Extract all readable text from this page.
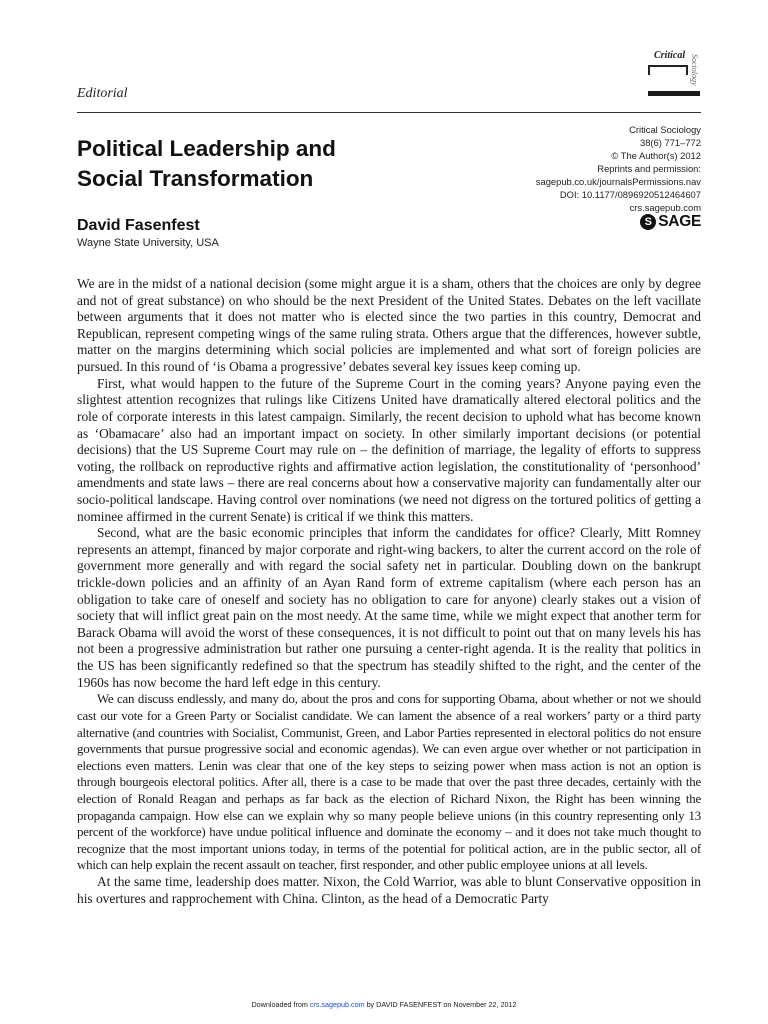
Critical Sociology
Editorial
Political Leadership and Social Transformation
Critical Sociology
38(6) 771–772
© The Author(s) 2012
Reprints and permission:
sagepub.co.uk/journalsPermissions.nav
DOI: 10.1177/0896920512464607
crs.sagepub.com
S SAGE
David Fasenfest
Wayne State University, USA

We are in the midst of a national decision (some might argue it is a sham, others that the choices are only by degree and not of great substance) on who should be the next President of the United States. Debates on the left vacillate between arguments that it does not matter who is elected since the two parties in this country, Democrat and Republican, represent competing wings of the same ruling strata. Others argue that the differences, however subtle, matter on the margins determining which social policies are implemented and what sort of foreign policies are pursued. In this round of ‘is Obama a progressive’ debates several key issues keep coming up.

First, what would happen to the future of the Supreme Court in the coming years? Anyone paying even the slightest attention recognizes that rulings like Citizens United have dramatically altered electoral politics and the role of corporate interests in this latest campaign. Similarly, the recent decision to uphold what has become known as ‘Obamacare’ also had an important impact on society. In other similarly important decisions (or potential decisions) that the US Supreme Court may rule on – the definition of marriage, the legality of efforts to suppress voting, the rollback on reproductive rights and affirmative action legislation, the constitutionality of ‘personhood’ amendments and state laws – there are real concerns about how a conservative majority can fundamentally alter our socio-political landscape. Having control over nominations (we need not digress on the tortured politics of getting a nominee affirmed in the current Senate) is critical if we think this matters.

Second, what are the basic economic principles that inform the candidates for office? Clearly, Mitt Romney represents an attempt, financed by major corporate and right-wing backers, to alter the current accord on the role of government more generally and with regard the social safety net in particular. Doubling down on the bankrupt trickle-down policies and an affinity of an Ayan Rand form of extreme capitalism (where each person has an obligation to take care of oneself and society has no obligation to care for anyone) clearly stakes out a vision of society that will inflict great pain on the most needy. At the same time, while we might expect that another term for Barack Obama will avoid the worst of these consequences, it is not difficult to point out that on many levels his has not been a progressive administration but rather one pursuing a center-right agenda. It is the reality that politics in the US has been significantly redefined so that the spectrum has steadily shifted to the right, and the center of the 1960s has now become the hard left edge in this century.

We can discuss endlessly, and many do, about the pros and cons for supporting Obama, about whether or not we should cast our vote for a Green Party or Socialist candidate. We can lament the absence of a real workers’ party or a third party alternative (and countries with Socialist, Communist, Green, and Labor Parties represented in electoral politics do not ensure governments that pursue progressive social and economic agendas). We can even argue over whether or not participation in elections even matters. Lenin was clear that one of the key steps to seizing power when mass action is not an option is through bourgeois electoral politics. After all, there is a case to be made that over the past three decades, certainly with the election of Ronald Reagan and perhaps as far back as the election of Richard Nixon, the Right has been winning the propaganda campaign. How else can we explain why so many people believe unions (in this country representing only 13 percent of the workforce) have undue political influence and dominate the economy – and it does not take much thought to recognize that the most important unions today, in terms of the potential for political action, are in the public sector, all of which can help explain the recent assault on teacher, first responder, and other public employee unions at all levels.

At the same time, leadership does matter. Nixon, the Cold Warrior, was able to blunt Conservative opposition in his overtures and rapprochement with China. Clinton, as the head of a Democratic Party

Downloaded from crs.sagepub.com by DAVID FASENFEST on November 22, 2012
